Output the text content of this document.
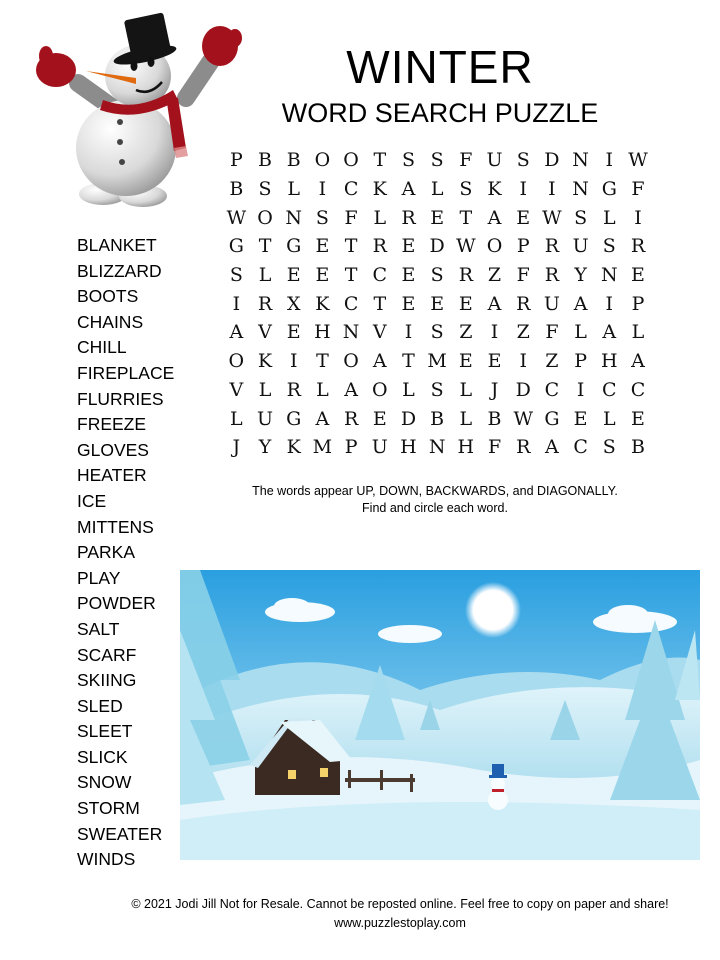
WINTER
WORD SEARCH PUZZLE
P B B O O T S S F U S D N I W
B S L I C K A L S K I	I N G F
W O N S F L R E T A E W S L I
G T G E T R E D W O P R U S R
S L E E T C E S R Z F R Y N E
I R X K C T E E E A R U A I P
A V E H N V I S Z I Z F L A L
O K I T O A T M E E I Z P H A
V L R L A O L S L J D C I C C
L U G A R E D B L B W G E L E
J Y K M P U H N H F R A C S B
BLANKET
BLIZZARD
BOOTS
CHAINS
CHILL
FIREPLACE
FLURRIES
FREEZE
GLOVES
HEATER
ICE
MITTENS
PARKA
PLAY
POWDER
SALT
SCARF
SKIING
SLED
SLEET
SLICK
SNOW
STORM
SWEATER
WINDS
The words appear UP, DOWN, BACKWARDS, and DIAGONALLY.
Find and circle each word.
© 2021 Jodi Jill Not for Resale. Cannot be reposted online. Feel free to copy on paper and share!
www.puzzlestoplay.com
